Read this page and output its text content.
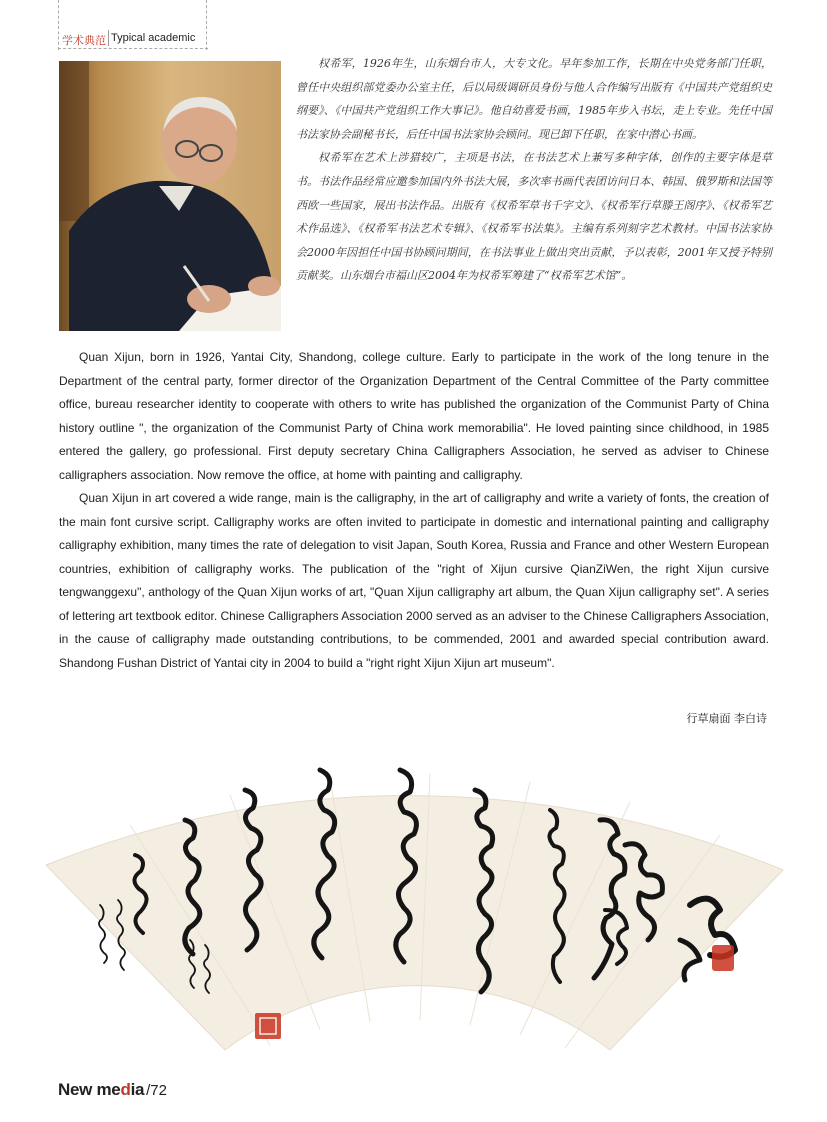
学术典范 Typical academic

权希军，1926年生，山东烟台市人，大专文化。早年参加工作，长期在中央党务部门任职，曾任中央组织部党委办公室主任，后以局级调研员身份与他人合作编写出版有《中国共产党组织史纲要》、《中国共产党组织工作大事记》。他自幼喜爱书画，1985年步入书坛，走上专业。先任中国书法家协会副秘书长，后任中国书法家协会顾问。现已卸下任职，在家中潜心书画。

权希军在艺术上涉猎较广，主项是书法，在书法艺术上兼写多种字体，创作的主要字体是草书。书法作品经常应邀参加国内外书法大展，多次率书画代表团访问日本、韩国、俄罗斯和法国等西欧一些国家，展出书法作品。出版有《权希军草书千字文》、《权希军行草滕王阁序》、《权希军艺术作品选》、《权希军书法艺术专辑》、《权希军书法集》。主编有系列刻字艺术教材。中国书法家协会2000年因担任中国书协顾问期间，在书法事业上做出突出贡献，予以表彰，2001年又授予特别贡献奖。山东烟台市福山区2004年为权希军筹建了“权希军艺术馆”。

Quan Xijun, born in 1926, Yantai City, Shandong, college culture. Early to participate in the work of the long tenure in the Department of the central party, former director of the Organization Department of the Central Committee of the Party committee office, bureau researcher identity to cooperate with others to write has published the organization of the Communist Party of China history outline ", the organization of the Communist Party of China work memorabilia". He loved painting since childhood, in 1985 entered the gallery, go professional. First deputy secretary China Calligraphers Association, he served as adviser to Chinese calligraphers association. Now remove the office, at home with painting and calligraphy.

Quan Xijun in art covered a wide range, main is the calligraphy, in the art of calligraphy and write a variety of fonts, the creation of the main font cursive script. Calligraphy works are often invited to participate in domestic and international painting and calligraphy calligraphy exhibition, many times the rate of delegation to visit Japan, South Korea, Russia and France and other Western European countries, exhibition of calligraphy works. The publication of the "right of Xijun cursive QianZiWen, the right Xijun cursive tengwanggexu", anthology of the Quan Xijun works of art, "Quan Xijun calligraphy art album, the Quan Xijun calligraphy set". A series of lettering art textbook editor. Chinese Calligraphers Association 2000 served as an adviser to the Chinese Calligraphers Association, in the cause of calligraphy made outstanding contributions, to be commended, 2001 and awarded special contribution award. Shandong Fushan District of Yantai city in 2004 to build a "right right Xijun Xijun art museum".

行草扇面 李白诗
New media /72
